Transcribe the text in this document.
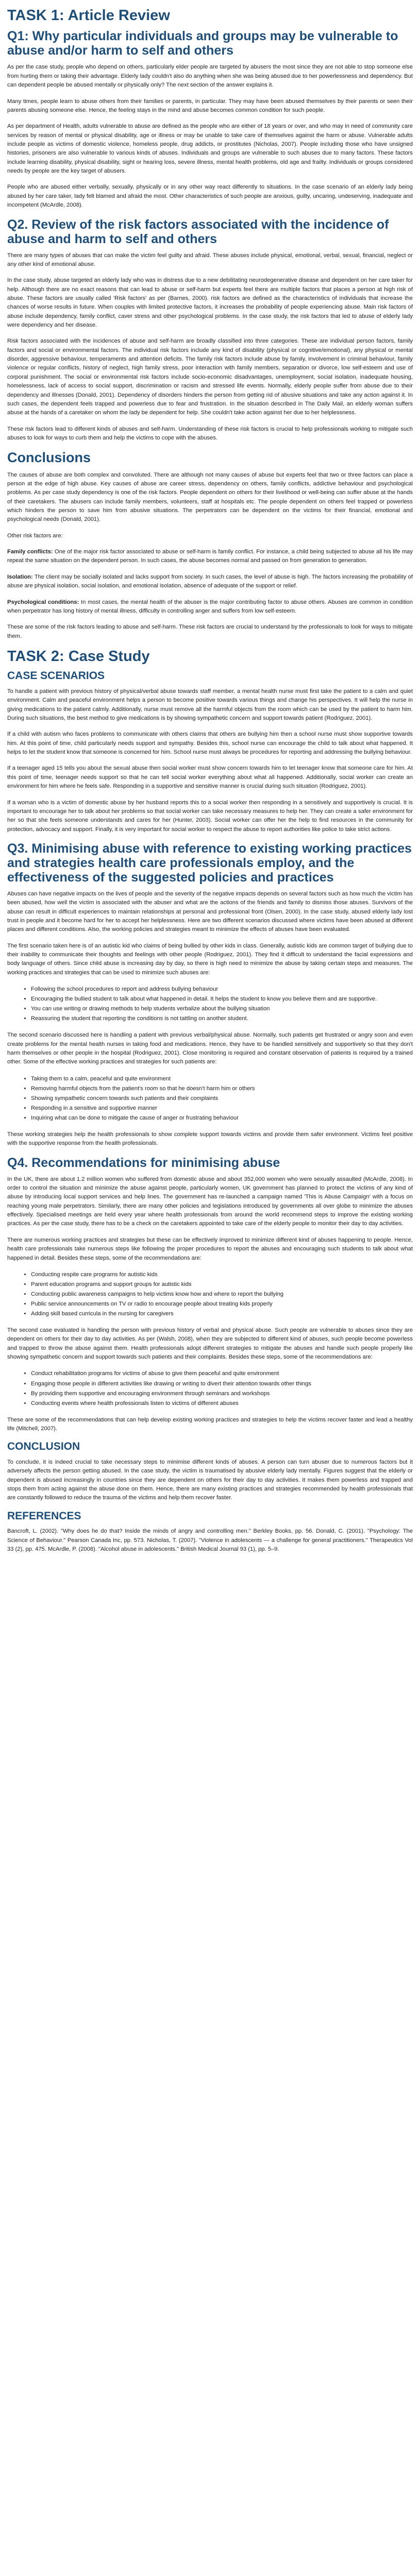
TASK 1: Article Review
Q1: Why particular individuals and groups may be vulnerable to abuse and/or harm to self and others

As per the case study, people who depend on others, particularly elder people are targeted by abusers the most since they are not able to stop someone else from hurting them or taking their advantage. Elderly lady couldn't also do anything when she was being abused due to her powerlessness and dependency. But can dependent people be abused mentally or physically only? The next section of the answer explains it.

Many times, people learn to abuse others from their families or parents, in particular. They may have been abused themselves by their parents or seen their parents abusing someone else. Hence, the feeling stays in the mind and abuse becomes common condition for such people.

As per department of Health, adults vulnerable to abuse are defined as the people who are either of 18 years or over, and who may in need of community care services by reason of mental or physical disability, age or illness or may be unable to take care of themselves against the harm or abuse. Vulnerable adults include people as victims of domestic violence, homeless people, drug addicts, or prostitutes (Nicholas, 2007). People including those who have unsigned histories, prisoners are also vulnerable to various kinds of abuses. Individuals and groups are vulnerable to such abuses due to many factors. These factors include learning disability, physical disability, sight or hearing loss, severe illness, mental health problems, old age and frailty. Individuals or groups considered needs by people are the key target of abusers.

People who are abused either verbally, sexually, physically or in any other way react differently to situations. In the case scenario of an elderly lady being abused by her care taker, lady felt blamed and afraid the most. Other characteristics of such people are anxious, guilty, uncaring, undeserving, inadequate and incompetent (McArdle, 2008).

Q2. Review of the risk factors associated with the incidence of abuse and harm to self and others

There are many types of abuses that can make the victim feel guilty and afraid. These abuses include physical, emotional, verbal, sexual, financial, neglect or any other kind of emotional abuse.

In the case study, abuse targeted an elderly lady who was in distress due to a new debilitating neurodegenerative disease and dependent on her care taker for help. Although there are no exact reasons that can lead to abuse or self-harm but experts feel there are multiple factors that places a person at high risk of abuse. These factors are usually called 'Risk factors' as per (Barnes, 2000). risk factors are defined as the characteristics of individuals that increase the chances of worse results in future. When couples with limited protective factors, it increases the probability of people experiencing abuse. Main risk factors of abuse include dependency, family conflict, caver stress and other psychological problems. In the case study, the risk factors that led to abuse of elderly lady were dependency and her disease.

Risk factors associated with the incidences of abuse and self-harm are broadly classified into three categories. These are individual person factors, family factors and social or environmental factors. The individual risk factors include any kind of disability (physical or cognitive/emotional), any physical or mental disorder, aggressive behaviour, temperaments and attention deficits. The family risk factors include abuse by family, involvement in criminal behaviour, family violence or regular conflicts, history of neglect, high family stress, poor interaction with family members, separation or divorce, low self-esteem and use of corporal punishment. The social or environmental risk factors include socio-economic disadvantages, unemployment, social isolation, inadequate housing, homelessness, lack of access to social support, discrimination or racism and stressed life events. Normally, elderly people suffer from abuse due to their dependency and illnesses (Donald, 2001). Dependency of disorders hinders the person from getting rid of abusive situations and take any action against it. In such cases, the dependent feels trapped and powerless due to fear and frustration. In the situation described in The Daily Mail, an elderly woman suffers abuse at the hands of a caretaker on whom the lady be dependent for help. She couldn't take action against her due to her helplessness.

These risk factors lead to different kinds of abuses and self-harm. Understanding of these risk factors is crucial to help professionals working to mitigate such abuses to look for ways to curb them and help the victims to cope with the abuses.

Conclusions

The causes of abuse are both complex and convoluted. There are although not many causes of abuse but experts feel that two or three factors can place a person at the edge of high abuse. Key causes of abuse are career stress, dependency on others, family conflicts, addictive behaviour and psychological problems. As per case study dependency is one of the risk factors. People dependent on others for their livelihood or well-being can suffer abuse at the hands of their caretakers. The abusers can include family members, volunteers, staff at hospitals etc. The people dependent on others feel trapped or powerless which hinders the person to save him from abusive situations. The perpetrators can be dependent on the victims for their financial, emotional and psychological needs (Donald, 2001).

Other risk factors are:

Family conflicts: One of the major risk factor associated to abuse or self-harm is family conflict. For instance, a child being subjected to abuse all his life may repeat the same situation on the dependent person. In such cases, the abuse becomes normal and passed on from generation to generation.

Isolation: The client may be socially isolated and lacks support from society. In such cases, the level of abuse is high. The factors increasing the probability of abuse are physical isolation, social isolation, and emotional isolation, absence of adequate of the support or relief.

Psychological conditions: In most cases, the mental health of the abuser is the major contributing factor to abuse others. Abuses are common in condition when perpetrator has long history of mental illness, difficulty in controlling anger and suffers from low self-esteem.

These are some of the risk factors leading to abuse and self-harm. These risk factors are crucial to understand by the professionals to look for ways to mitigate them.

TASK 2: Case Study
CASE SCENARIOS

To handle a patient with previous history of physical/verbal abuse towards staff member, a mental health nurse must first take the patient to a calm and quiet environment. Calm and peaceful environment helps a person to become positive towards various things and change his perspectives. It will help the nurse in giving medications to the patient calmly. Additionally, nurse must remove all the harmful objects from the room which can be used by the patient to harm him. During such situations, the best method to give medications is by showing sympathetic concern and support towards patient (Rodriguez, 2001).

If a child with autism who faces problems to communicate with others claims that others are bullying him then a school nurse must show supportive towards him. At this point of time, child particularly needs support and sympathy. Besides this, school nurse can encourage the child to talk about what happened. It helps to let the student know that someone is concerned for him. School nurse must always be procedures for reporting and addressing the bullying behaviour.

If a teenager aged 15 tells you about the sexual abuse then social worker must show concern towards him to let teenager know that someone care for him. At this point of time, teenager needs support so that he can tell social worker everything about what all happened. Additionally, social worker can create an environment for him where he feels safe. Responding in a supportive and sensitive manner is crucial during such situation (Rodriguez, 2001).

If a woman who is a victim of domestic abuse by her husband reports this to a social worker then responding in a sensitively and supportively is crucial. It is important to encourage her to talk about her problems so that social worker can take necessary measures to help her. They can create a safer environment for her so that she feels someone understands and cares for her (Hunter, 2003). Social worker can offer her the help to find resources in the community for protection, advocacy and support. Finally, it is very important for social worker to respect the abuse to report authorities like police to take strict actions.

Q3. Minimising abuse with reference to existing working practices and strategies health care professionals employ, and the effectiveness of the suggested policies and practices

Abuses can have negative impacts on the lives of people and the severity of the negative impacts depends on several factors such as how much the victim has been abused, how well the victim is associated with the abuser and what are the actions of the friends and family to dismiss those abuses. Survivors of the abuse can result in difficult experiences to maintain relationships at personal and professional front (Olsen, 2000). In the case study, abused elderly lady lost trust in people and it become hard for her to accept her helplessness. Here are two different scenarios discussed where victims have been abused at different places and different conditions. Also, the working policies and strategies meant to minimize the effects of abuses have been evaluated.

The first scenario taken here is of an autistic kid who claims of being bullied by other kids in class. Generally, autistic kids are common target of bullying due to their inability to communicate their thoughts and feelings with other people (Rodriguez, 2001). They find it difficult to understand the facial expressions and body language of others. Since child abuse is increasing day by day, so there is high need to minimize the abuse by taking certain steps and measures. The working practices and strategies that can be used to minimize such abuses are:

• Following the school procedures to report and address bullying behaviour
• Encouraging the bullied student to talk about what happened in detail. It helps the student to know you believe them and are supportive.
• You can use writing or drawing methods to help students verbalize about the bullying situation
• Reassuring the student that reporting the conditions is not tattling on another student.

The second scenario discussed here is handling a patient with previous verbal/physical abuse. Normally, such patients get frustrated or angry soon and even create problems for the mental health nurses in taking food and medications. Hence, they have to be handled sensitively and supportively so that they don't harm themselves or other people in the hospital (Rodriguez, 2001). Close monitoring is required and constant observation of patients is required by a trained other. Some of the effective working practices and strategies for such patients are:

• Taking them to a calm, peaceful and quite environment
• Removing harmful objects from the patient's room so that he doesn't harm him or others
• Showing sympathetic concern towards such patients and their complaints
• Responding in a sensitive and supportive manner
• Inquiring what can be done to mitigate the cause of anger or frustrating behaviour

These working strategies help the health professionals to show complete support towards victims and provide them safer environment. Victims feel positive with the supportive response from the health professionals.

Q4. Recommendations for minimising abuse

In the UK, there are about 1.2 million women who suffered from domestic abuse and about 352,000 women who were sexually assaulted (McArdle, 2008). In order to control the situation and minimize the abuse against people, particularly women, UK government has planned to protect the victims of any kind of abuse by introducing local support services and help lines. The government has re-launched a campaign named 'This is Abuse Campaign' with a focus on reaching young male perpetrators. Similarly, there are many other policies and legislations introduced by governments all over globe to minimize the abuses effectively. Specialised meetings are held every year where health professionals from around the world recommend steps to improve the existing working practices. As per the case study, there has to be a check on the caretakers appointed to take care of the elderly people to monitor their day to day activities.

There are numerous working practices and strategies but these can be effectively improved to minimize different kind of abuses happening to people. Hence, health care professionals take numerous steps like following the proper procedures to report the abuses and encouraging such students to talk about what happened in detail. Besides these steps, some of the recommendations are:

• Conducting respite care programs for autistic kids
• Parent education programs and support groups for autistic kids
• Conducting public awareness campaigns to help victims know how and where to report the bullying
• Public service announcements on TV or radio to encourage people about treating kids properly
• Adding skill based curricula in the nursing for caregivers

The second case evaluated is handling the person with previous history of verbal and physical abuse. Such people are vulnerable to abuses since they are dependent on others for their day to day activities. As per (Walsh, 2008), when they are subjected to different kind of abuses, such people become powerless and trapped to throw the abuse against them. Health professionals adopt different strategies to mitigate the abuses and handle such people properly like showing sympathetic concern and support towards such patients and their complaints. Besides these steps, some of the recommendations are:

• Conduct rehabilitation programs for victims of abuse to give them peaceful and quite environment
• Engaging those people in different activities like drawing or writing to divert their attention towards other things
• By providing them supportive and encouraging environment through seminars and workshops
• Conducting events where health professionals listen to victims of different abuses

These are some of the recommendations that can help develop existing working practices and strategies to help the victims recover faster and lead a healthy life (Mitchell, 2007).

CONCLUSION

To conclude, it is indeed crucial to take necessary steps to minimise different kinds of abuses. A person can turn abuser due to numerous factors but it adversely affects the person getting abused. In the case study, the victim is traumatised by abusive elderly lady mentally. Figures suggest that the elderly or dependent is abused increasingly in countries since they are dependent on others for their day to day activities. It makes them powerless and trapped and stops them from acting against the abuse done on them. Hence, there are many existing practices and strategies recommended by health professionals that are constantly followed to reduce the trauma of the victims and help them recover faster.

REFERENCES

Bancroft, L. (2002). "Why does he do that? Inside the minds of angry and controlling men." Berkley Books, pp. 56. Donald, C. (2001). "Psychology: The Science of Behaviour." Pearson Canada Inc, pp. 573. Nicholas, T. (2007). "Violence in adolescents — a challenge for general practitioners." Therapeutics Vol 33 (2), pp. 475. McArdle, P. (2008). "Alcohol abuse in adolescents." British Medical Journal 93 (1), pp. 5–9.
